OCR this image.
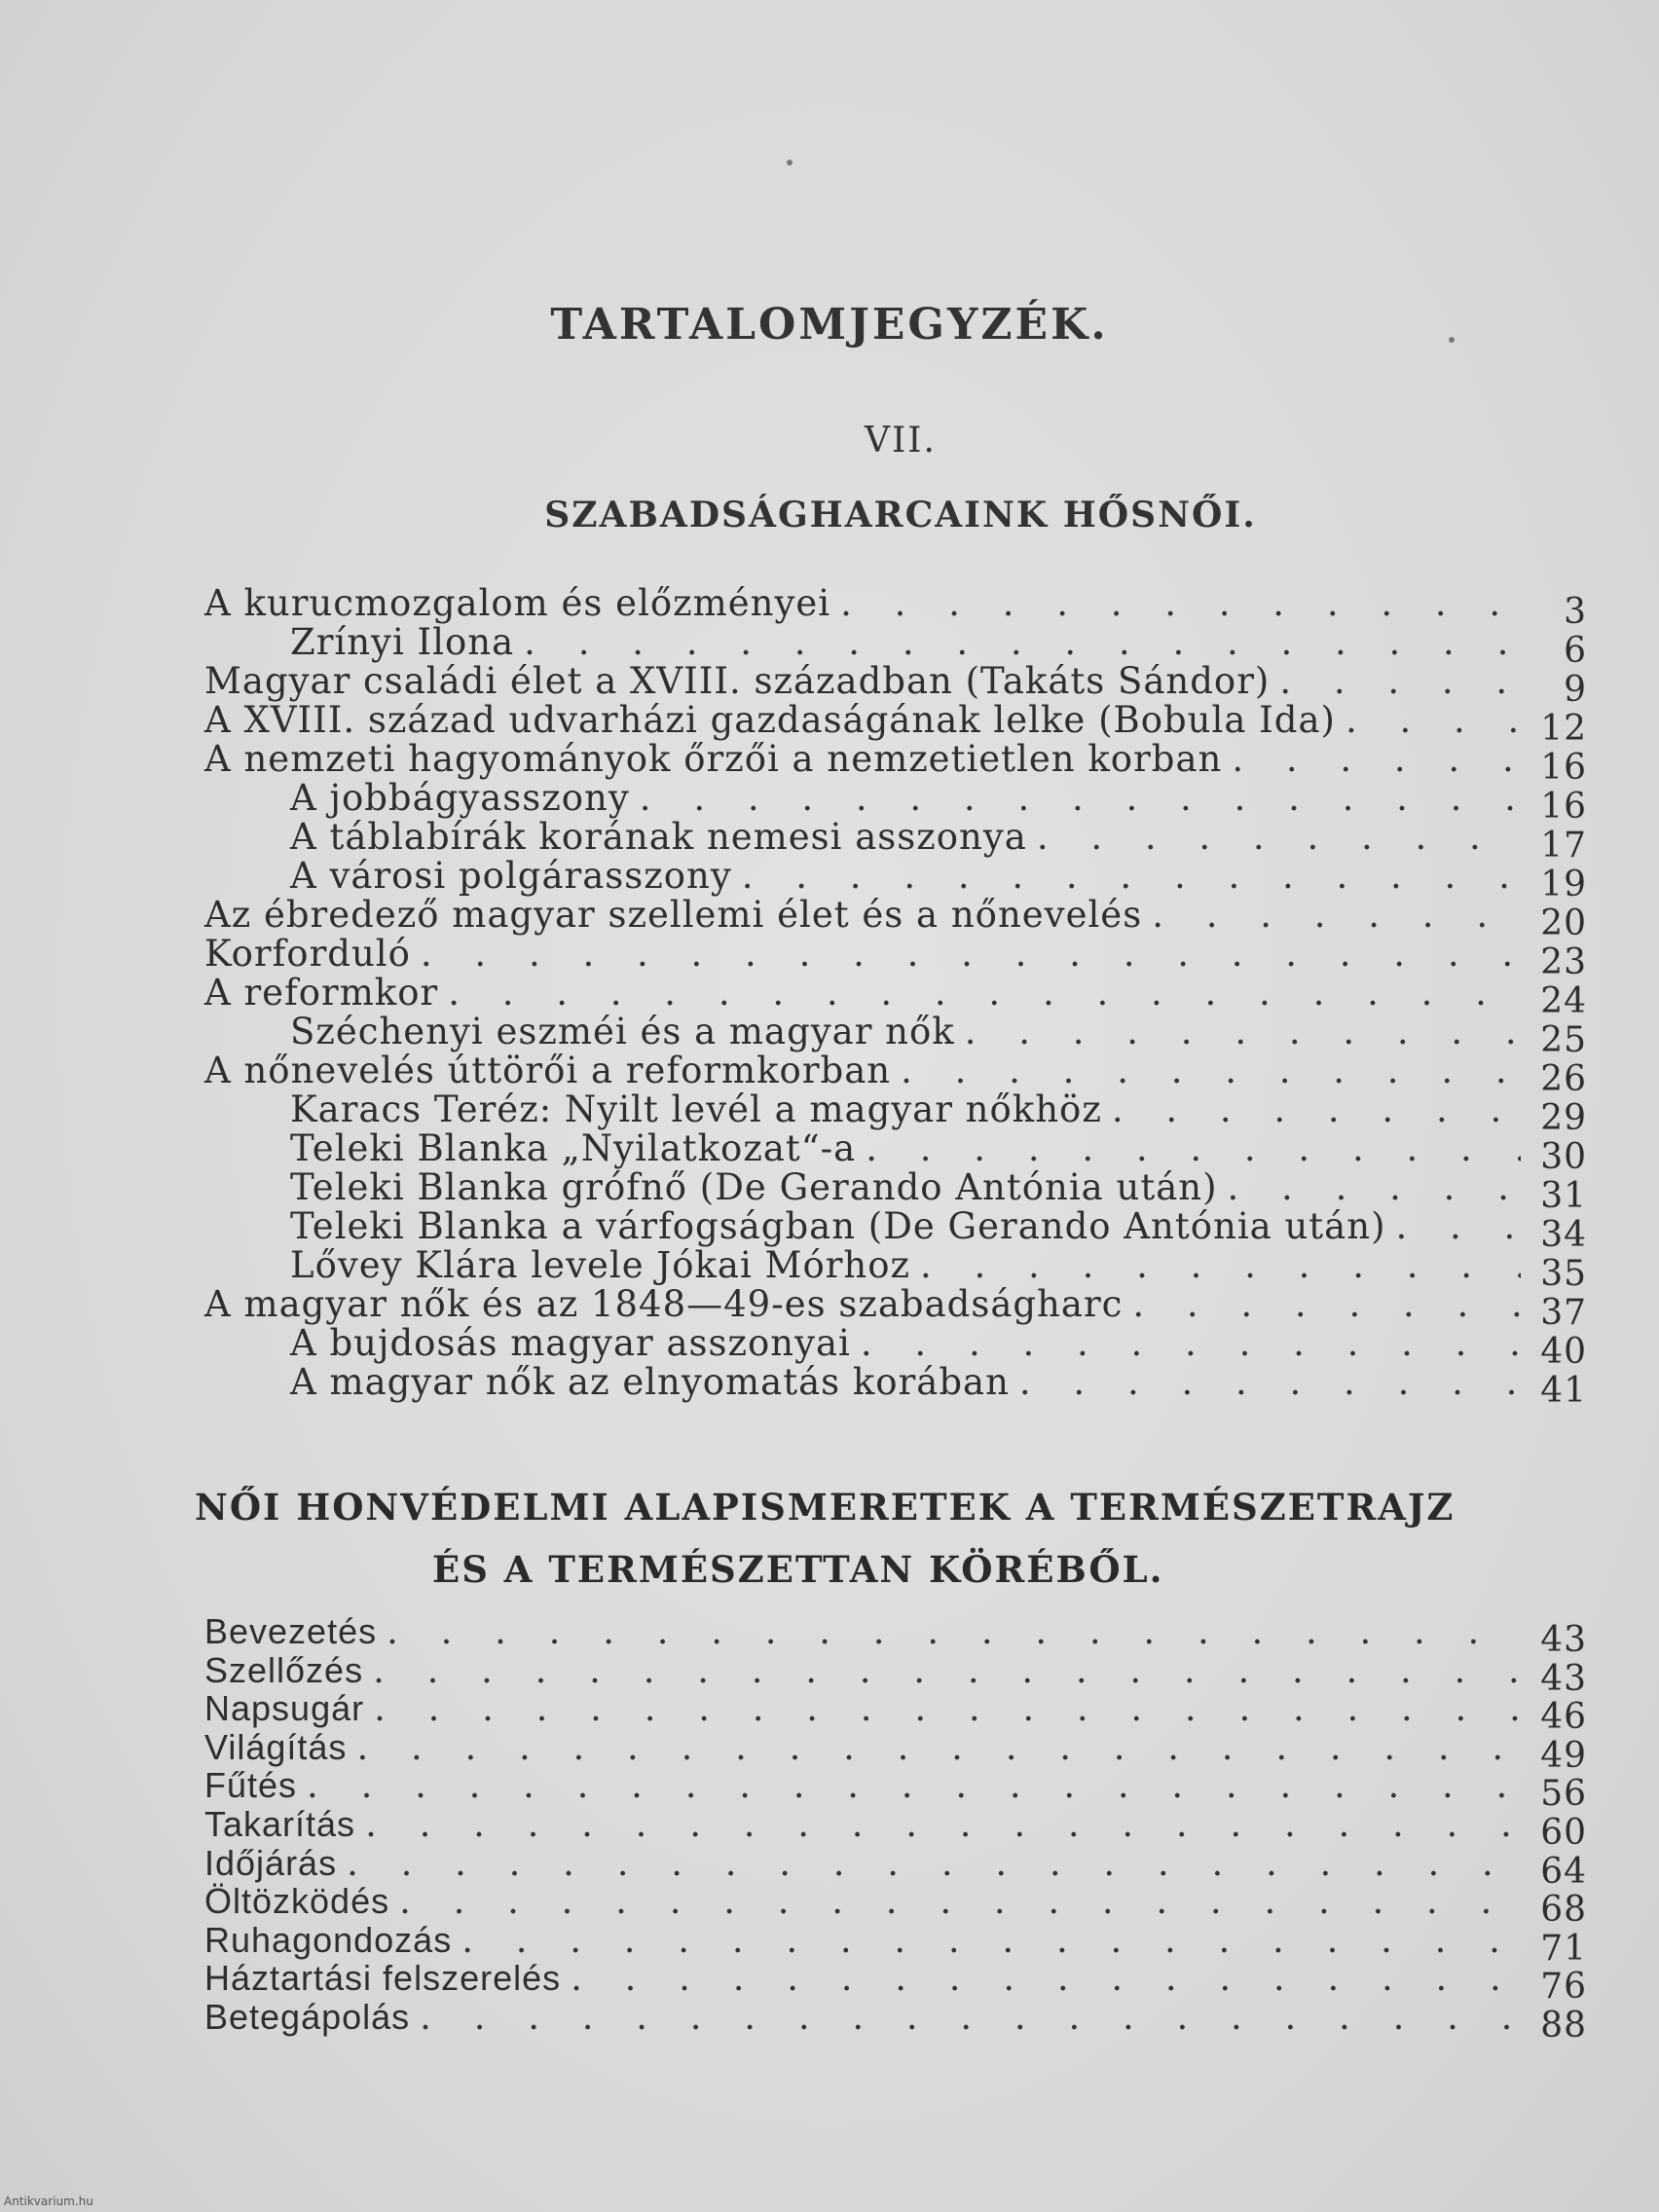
TARTALOMJEGYZÉK.
VII.
SZABADSÁGHARCAINK HŐSNŐI.
A kurucmozgalom és előzményei . . .	3
Zrínyi Ilona . . .	6
Magyar családi élet a XVIII. században (Takáts Sándor) . . .	9
A XVIII. század udvarházi gazdaságának lelke (Bobula Ida) . . .	12
A nemzeti hagyományok őrzői a nemzetietlen korban . . .	16
A jobbágyasszony . . .	16
A táblabírák korának nemesi asszonya . . .	17
A városi polgárasszony . . .	19
Az ébredező magyar szellemi élet és a nőnevelés . . .	20
Korforduló . . .	23
A reformkor . . .	24
Széchenyi eszméi és a magyar nők . . .	25
A nőnevelés úttörői a reformkorban . . .	26
Karacs Teréz: Nyilt levél a magyar nőkhöz . . .	29
Teleki Blanka „Nyilatkozat“-a . . .	30
Teleki Blanka grófnő (De Gerando Antónia után) . . .	31
Teleki Blanka a várfogságban (De Gerando Antónia után) . . .	34
Lővey Klára levele Jókai Mórhoz . . .	35
A magyar nők és az 1848—49-es szabadságharc . . .	37
A bujdosás magyar asszonyai . . .	40
A magyar nők az elnyomatás korában . . .	41
NŐI HONVÉDELMI ALAPISMERETEK A TERMÉSZETRAJZ
ÉS A TERMÉSZETTAN KÖRÉBŐL.
Bevezetés . . .	43
Szellőzés . . .	43
Napsugár . . .	46
Világítás . . .	49
Fűtés . . .	56
Takarítás . . .	60
Időjárás . . .	64
Öltözködés . . .	68
Ruhagondozás . . .	71
Háztartási felszerelés . . .	76
Betegápolás . . .	88
Antikvarium.hu
